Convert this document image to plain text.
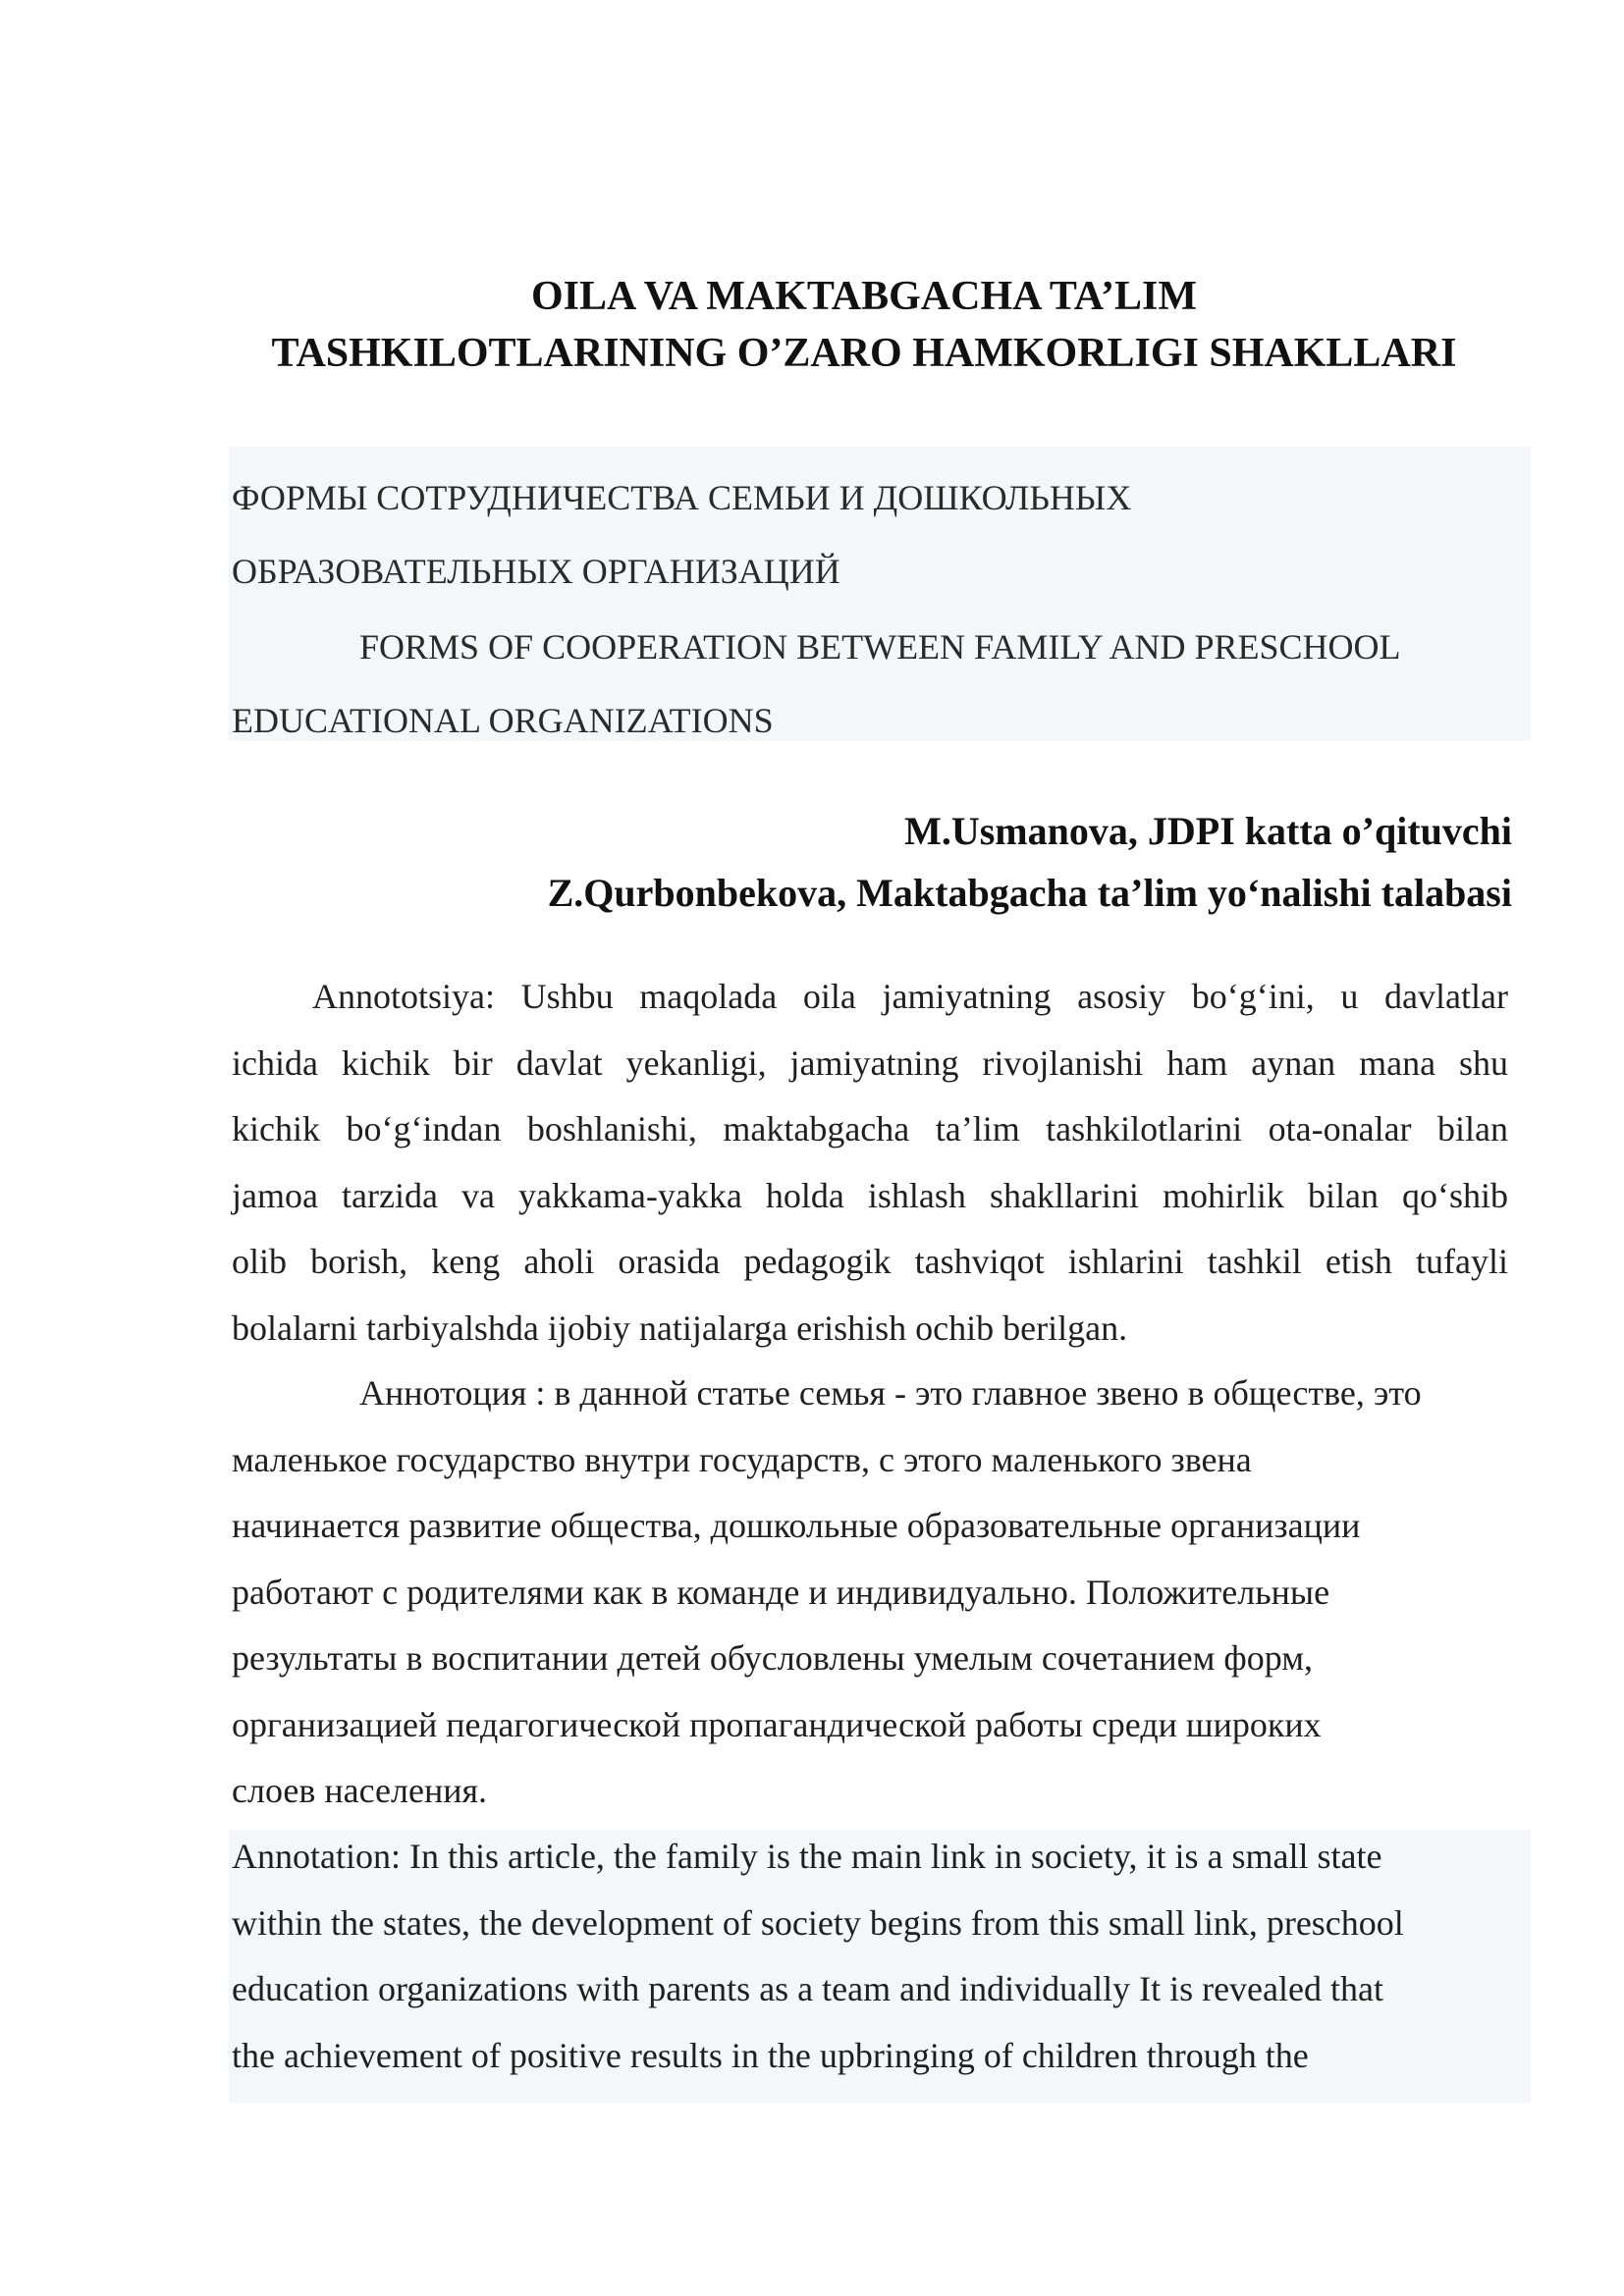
OILA VA MAKTABGACHA TA’LIM
TASHKILOTLARINING O’ZARO HAMKORLIGI SHAKLLARI
ФОРМЫ СОТРУДНИЧЕСТВА СЕМЬИ И ДОШКОЛЬНЫХ
ОБРАЗОВАТЕЛЬНЫХ ОРГАНИЗАЦИЙ
FORMS OF COOPERATION BETWEEN FAMILY AND PRESCHOOL
EDUCATIONAL ORGANIZATIONS
M.Usmanova, JDPI katta o’qituvchi
Z.Qurbonbekova, Maktabgacha ta’lim yo‘nalishi talabasi
Annototsiya: Ushbu maqolada oila jamiyatning asosiy bo‘g‘ini, u davlatlar
ichida kichik bir davlat yekanligi, jamiyatning rivojlanishi ham aynan mana shu
kichik bo‘g‘indan boshlanishi, maktabgacha ta’lim tashkilotlarini ota-onalar bilan
jamoa tarzida va yakkama-yakka holda ishlash shakllarini mohirlik bilan qo‘shib
olib borish, keng aholi orasida pedagogik tashviqot ishlarini tashkil etish tufayli
bolalarni tarbiyalshda ijobiy natijalarga erishish ochib berilgan.
Аннотоция : в данной статье семья - это главное звено в обществе, это
маленькое государство внутри государств, с этого маленького звена
начинается развитие общества, дошкольные образовательные организации
работают с родителями как в команде и индивидуально. Положительные
результаты в воспитании детей обусловлены умелым сочетанием форм,
организацией педагогической пропагандической работы среди широких
слоев населения.
Annotation: In this article, the family is the main link in society, it is a small state
within the states, the development of society begins from this small link, preschool
education organizations with parents as a team and individually It is revealed that
the achievement of positive results in the upbringing of children through the
